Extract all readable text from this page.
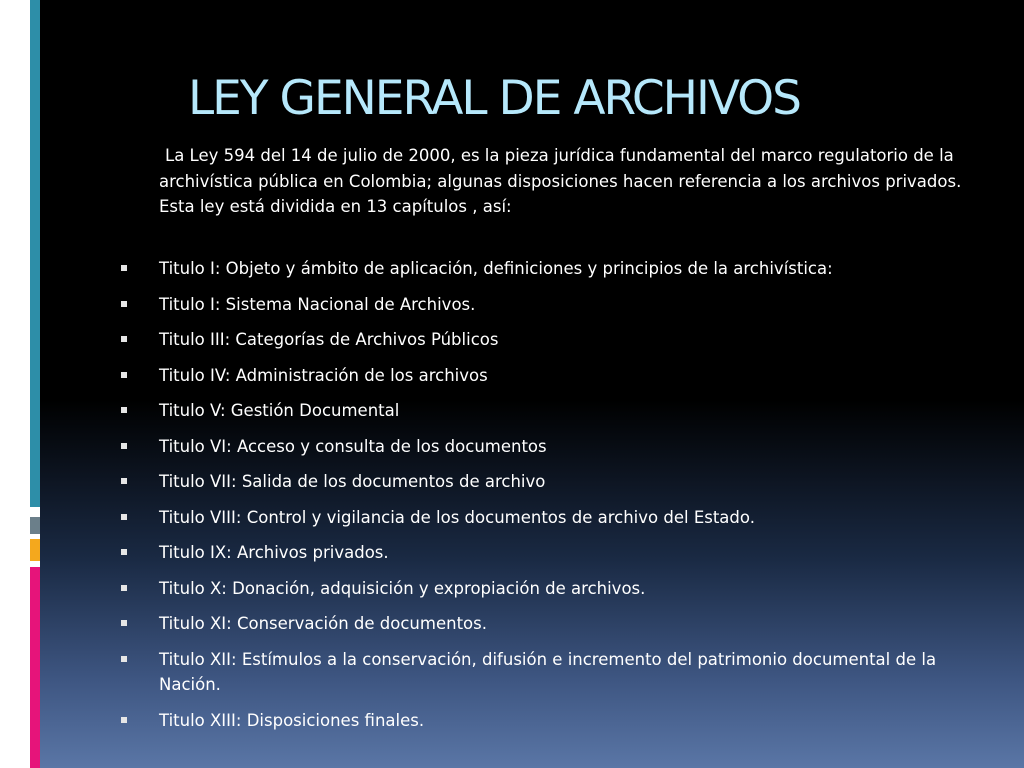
LEY GENERAL DE ARCHIVOS

La Ley 594 del 14 de julio de 2000, es la pieza jurídica fundamental del marco regulatorio de la archivística pública en Colombia; algunas disposiciones hacen referencia a los archivos privados. Esta ley está dividida en 13 capítulos , así:

Titulo I: Objeto y ámbito de aplicación, definiciones y principios de la archivística:
Titulo I: Sistema Nacional de Archivos.
Titulo III: Categorías de Archivos Públicos
Titulo IV: Administración de los archivos
Titulo V: Gestión Documental
Titulo VI: Acceso y consulta de los documentos
Titulo VII: Salida de los documentos de archivo
Titulo VIII: Control y vigilancia de los documentos de archivo del Estado.
Titulo IX: Archivos privados.
Titulo X: Donación, adquisición y expropiación de archivos.
Titulo XI: Conservación de documentos.
Titulo XII: Estímulos a la conservación, difusión e incremento del patrimonio documental de la Nación.
Titulo XIII: Disposiciones finales.
